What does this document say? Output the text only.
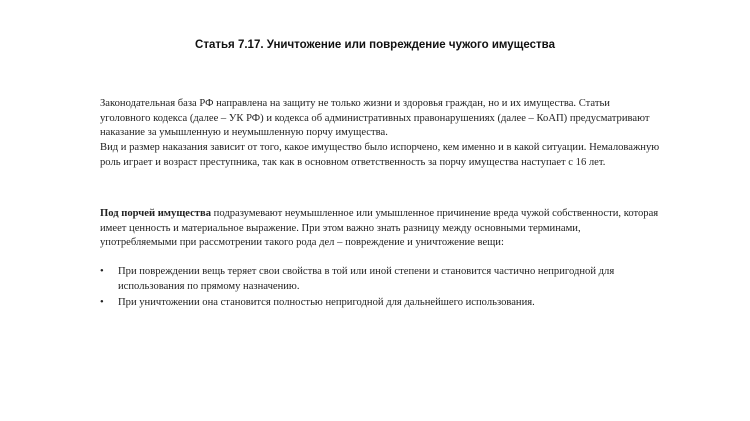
Статья 7.17. Уничтожение или повреждение чужого имущества

Законодательная база РФ направлена на защиту не только жизни и здоровья граждан, но и их имущества. Статьи уголовного кодекса (далее – УК РФ) и кодекса об административных правонарушениях (далее – КоАП) предусматривают наказание за умышленную и неумышленную порчу имущества.

Вид и размер наказания зависит от того, какое имущество было испорчено, кем именно и в какой ситуации. Немаловажную роль играет и возраст преступника, так как в основном ответственность за порчу имущества наступает с 16 лет.

Под порчей имущества подразумевают неумышленное или умышленное причинение вреда чужой собственности, которая имеет ценность и материальное выражение. При этом важно знать разницу между основными терминами, употребляемыми при рассмотрении такого рода дел – повреждение и уничтожение вещи:

• При повреждении вещь теряет свои свойства в той или иной степени и становится частично непригодной для использования по прямому назначению.
• При уничтожении она становится полностью непригодной для дальнейшего использования.
